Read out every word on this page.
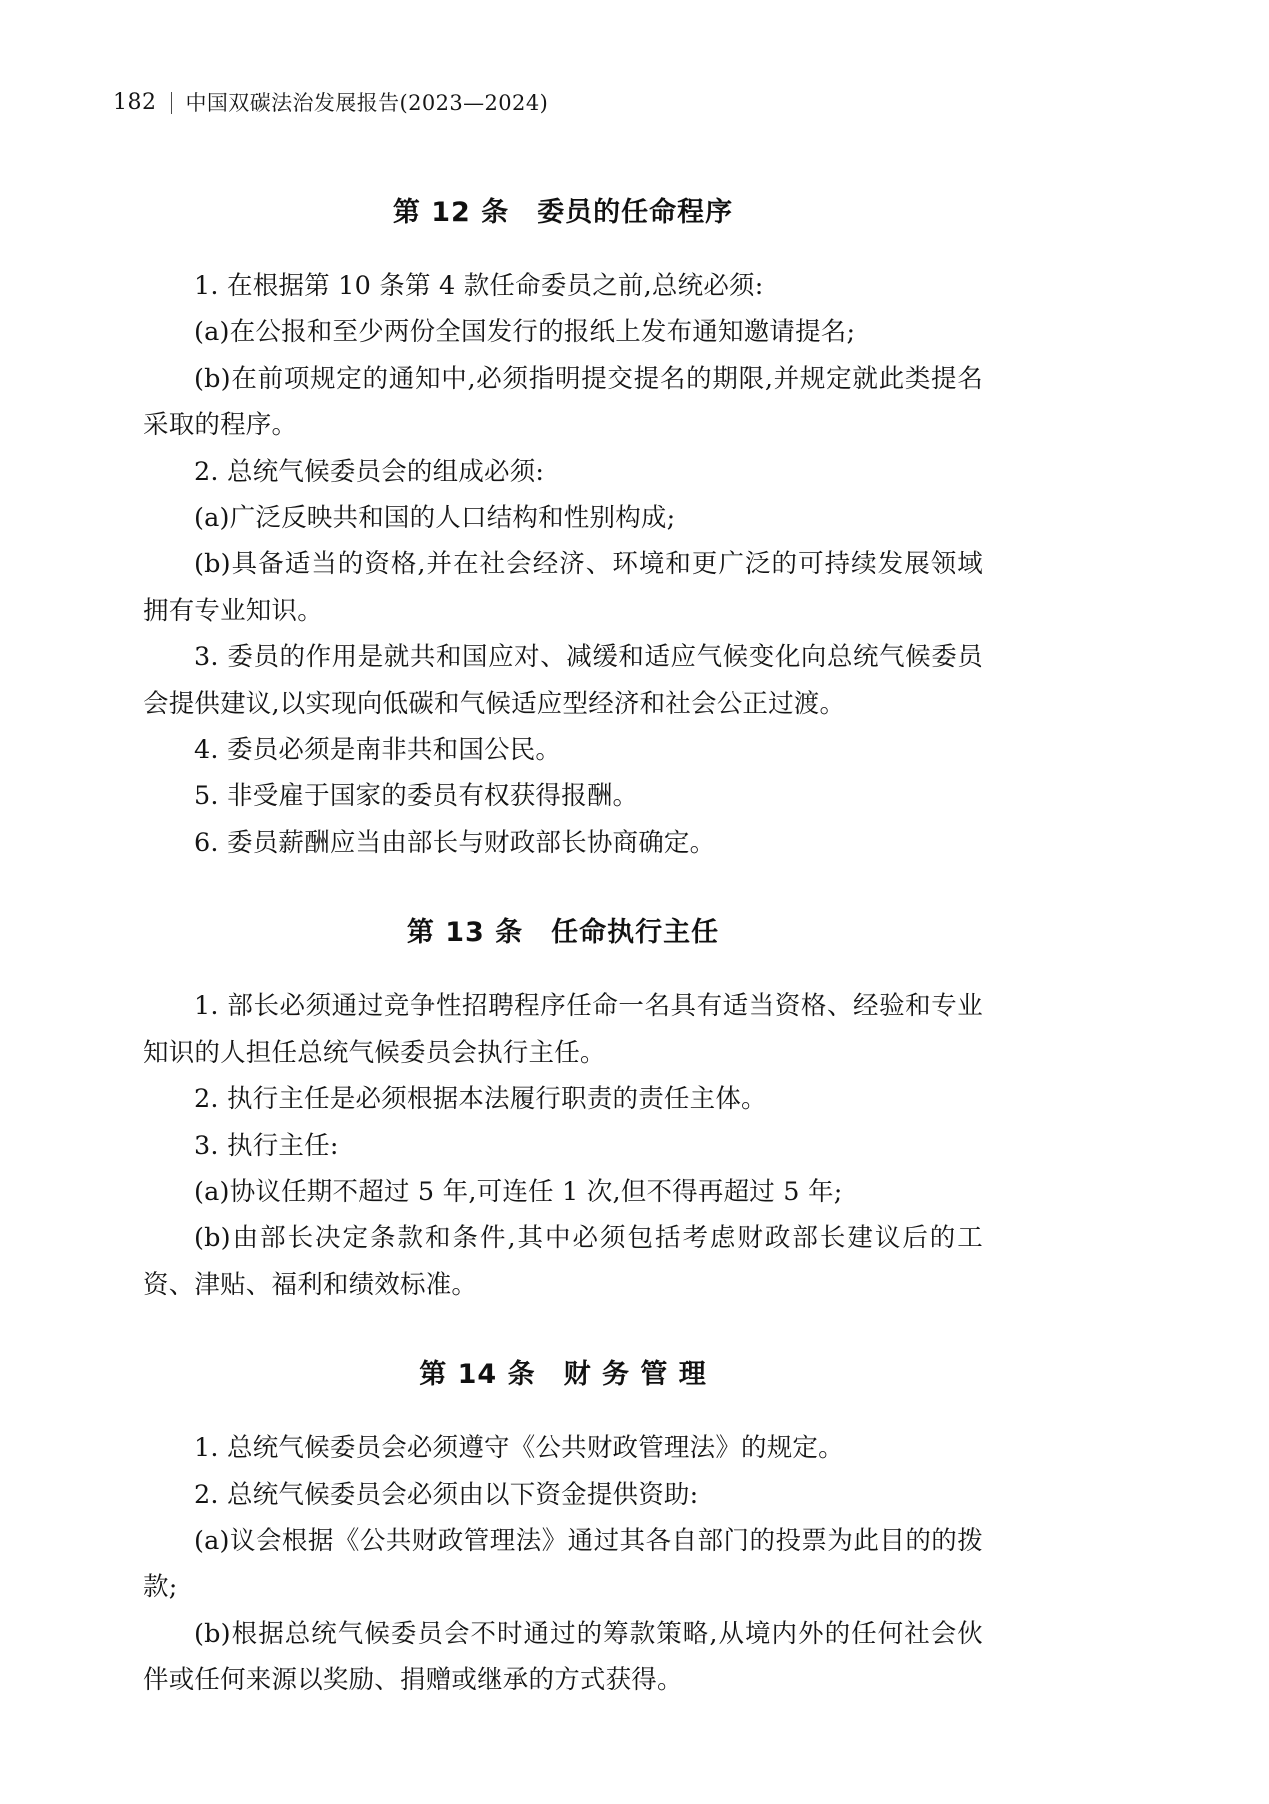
182	中国双碳法治发展报告(2023—2024)
第 12 条　委员的任命程序

1. 在根据第 10 条第 4 款任命委员之前,总统必须:

(a)在公报和至少两份全国发行的报纸上发布通知邀请提名;

(b)在前项规定的通知中,必须指明提交提名的期限,并规定就此类提名采取的程序。

2. 总统气候委员会的组成必须:

(a)广泛反映共和国的人口结构和性别构成;

(b)具备适当的资格,并在社会经济、环境和更广泛的可持续发展领域拥有专业知识。

3. 委员的作用是就共和国应对、减缓和适应气候变化向总统气候委员会提供建议,以实现向低碳和气候适应型经济和社会公正过渡。

4. 委员必须是南非共和国公民。

5. 非受雇于国家的委员有权获得报酬。

6. 委员薪酬应当由部长与财政部长协商确定。

第 13 条　任命执行主任

1. 部长必须通过竞争性招聘程序任命一名具有适当资格、经验和专业知识的人担任总统气候委员会执行主任。

2. 执行主任是必须根据本法履行职责的责任主体。

3. 执行主任:

(a)协议任期不超过 5 年,可连任 1 次,但不得再超过 5 年;

(b)由部长决定条款和条件,其中必须包括考虑财政部长建议后的工资、津贴、福利和绩效标准。

第 14 条　财 务 管 理

1. 总统气候委员会必须遵守《公共财政管理法》的规定。

2. 总统气候委员会必须由以下资金提供资助:

(a)议会根据《公共财政管理法》通过其各自部门的投票为此目的的拨款;

(b)根据总统气候委员会不时通过的筹款策略,从境内外的任何社会伙伴或任何来源以奖励、捐赠或继承的方式获得。
